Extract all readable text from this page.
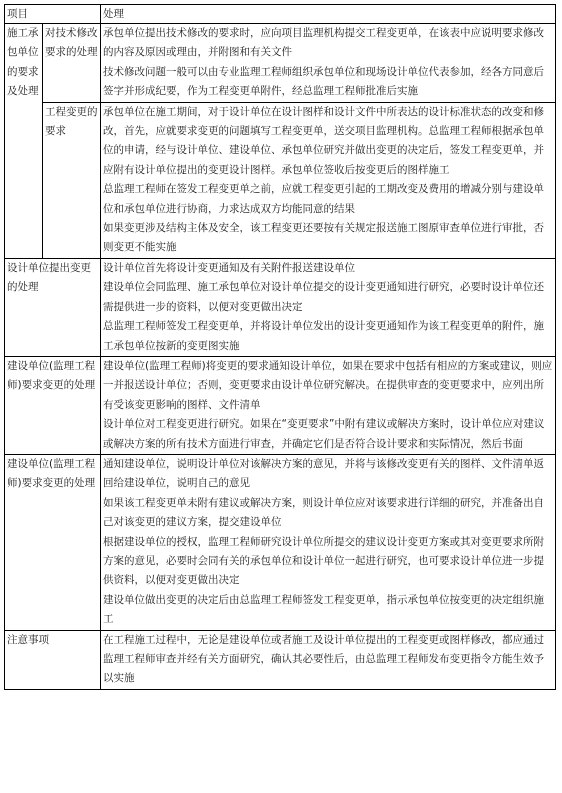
项目		处理
施工承包单位的要求及处理	对技术修改要求的处理	承包单位提出技术修改的要求时，应向项目监理机构提交工程变更单，在该表中应说明要求修改的内容及原因或理由，并附图和有关文件
技术修改问题一般可以由专业监理工程师组织承包单位和现场设计单位代表参加，经各方同意后签字并形成纪要，作为工程变更单附件，经总监理工程师批准后实施

	工程变更的要求	承包单位在施工期间，对于设计单位在设计图样和设计文件中所表达的设计标准状态的改变和修改，首先，应就要求变更的问题填写工程变更单，送交项目监理机构。总监理工程师根据承包单位的申请，经与设计单位、建设单位、承包单位研究并做出变更的决定后，签发工程变更单，并应附有设计单位提出的变更设计图样。承包单位签收后按变更后的图样施工
总监理工程师在签发工程变更单之前，应就工程变更引起的工期改变及费用的增减分别与建设单位和承包单位进行协商，力求达成双方均能同意的结果
如果变更涉及结构主体及安全，该工程变更还要按有关规定报送施工图原审查单位进行审批，否则变更不能实施

设计单位提出变更的处理		设计单位首先将设计变更通知及有关附件报送建设单位
建设单位会同监理、施工承包单位对设计单位提交的设计变更通知进行研究，必要时设计单位还需提供进一步的资料，以便对变更做出决定
总监理工程师签发工程变更单，并将设计单位发出的设计变更通知作为该工程变更单的附件，施工承包单位按新的变更图实施

建设单位(监理工程师)要求变更的处理		建设单位(监理工程师)将变更的要求通知设计单位，如果在要求中包括有相应的方案或建议，则应一并报送设计单位；否则，变更要求由设计单位研究解决。在提供审查的变更要求中，应列出所有受该变更影响的图样、文件清单
设计单位对工程变更进行研究。如果在“变更要求”中附有建议或解决方案时，设计单位应对建议或解决方案的所有技术方面进行审查，并确定它们是否符合设计要求和实际情况，然后书面

建设单位(监理工程师)要求变更的处理		通知建设单位，说明设计单位对该解决方案的意见，并将与该修改变更有关的图样、文件清单返回给建设单位，说明自己的意见
如果该工程变更单未附有建议或解决方案，则设计单位应对该要求进行详细的研究，并准备出自己对该变更的建议方案，提交建设单位
根据建设单位的授权，监理工程师研究设计单位所提交的建议设计变更方案或其对变更要求所附方案的意见，必要时会同有关的承包单位和设计单位一起进行研究，也可要求设计单位进一步提供资料，以便对变更做出决定
建设单位做出变更的决定后由总监理工程师签发工程变更单，指示承包单位按变更的决定组织施工

注意事项		在工程施工过程中，无论是建设单位或者施工及设计单位提出的工程变更或图样修改，都应通过监理工程师审查并经有关方面研究，确认其必要性后，由总监理工程师发布变更指令方能生效予以实施
